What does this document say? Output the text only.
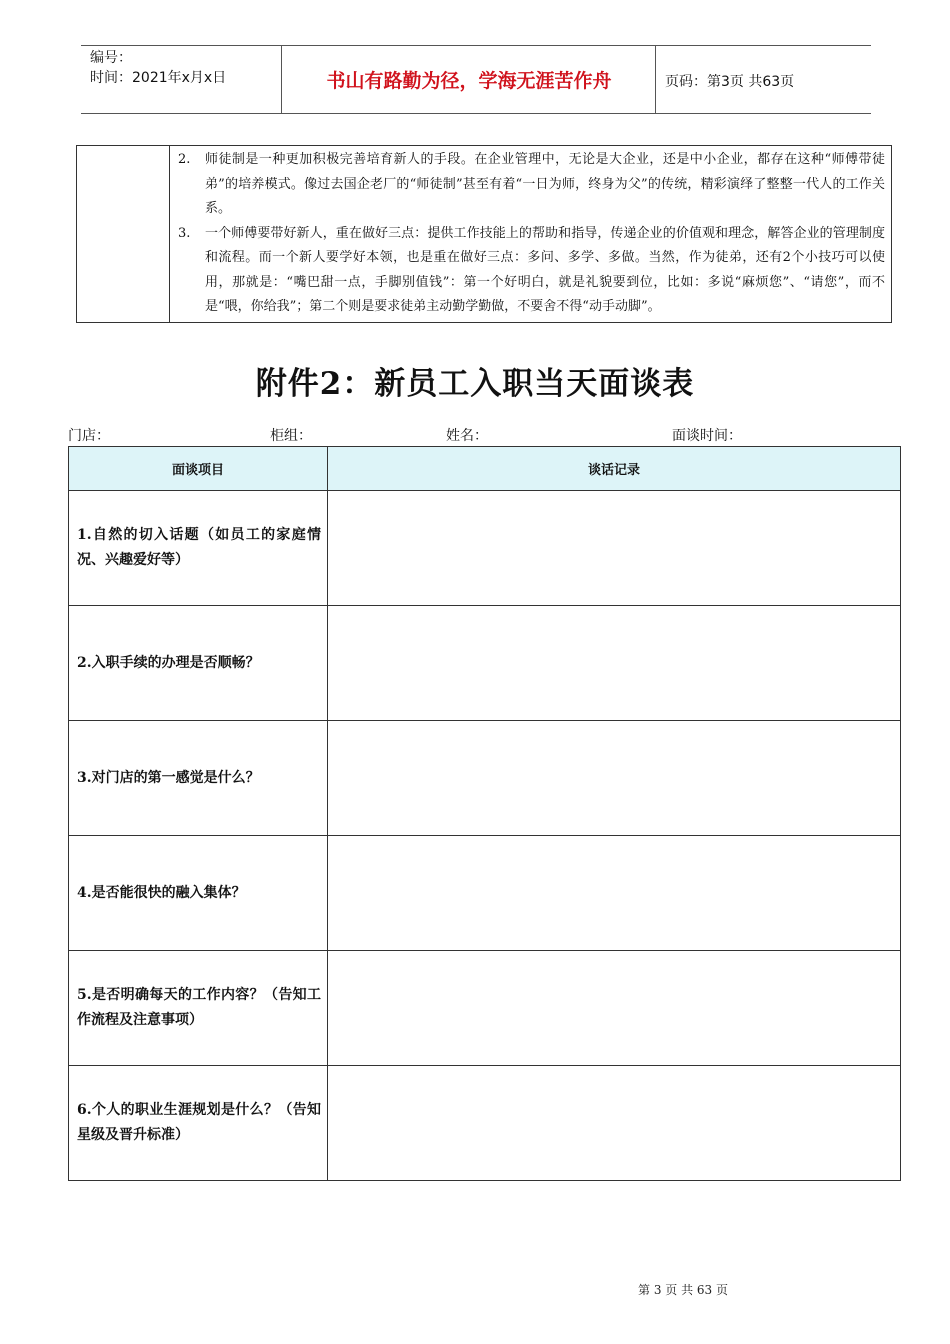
编号：
时间：2021年x月x日	书山有路勤为径，学海无涯苦作舟	页码：第3页 共63页

2.	师徒制是一种更加积极完善培育新人的手段。在企业管理中，无论是大企业，还是中小企业，都存在这种“师傅带徒弟”的培养模式。像过去国企老厂的“师徒制”甚至有着“一日为师，终身为父”的传统，精彩演绎了整整一代人的工作关系。
3.	一个师傅要带好新人，重在做好三点：提供工作技能上的帮助和指导，传递企业的价值观和理念，解答企业的管理制度和流程。而一个新人要学好本领，也是重在做好三点：多问、多学、多做。当然，作为徒弟，还有2个小技巧可以使用，那就是：“嘴巴甜一点，手脚别值钱”：第一个好明白，就是礼貌要到位，比如：多说“麻烦您”、“请您”，而不是“喂，你给我”；第二个则是要求徒弟主动勤学勤做，不要舍不得“动手动脚”。
附件2：新员工入职当天面谈表
门店：	柜组：	姓名：	面谈时间：
面谈项目	谈话记录
1.自然的切入话题（如员工的家庭情况、兴趣爱好等）	
2.入职手续的办理是否顺畅？	
3.对门店的第一感觉是什么？	
4.是否能很快的融入集体？	
5.是否明确每天的工作内容？（告知工作流程及注意事项）	
6.个人的职业生涯规划是什么？（告知星级及晋升标准）	
第 3 页 共 63 页
